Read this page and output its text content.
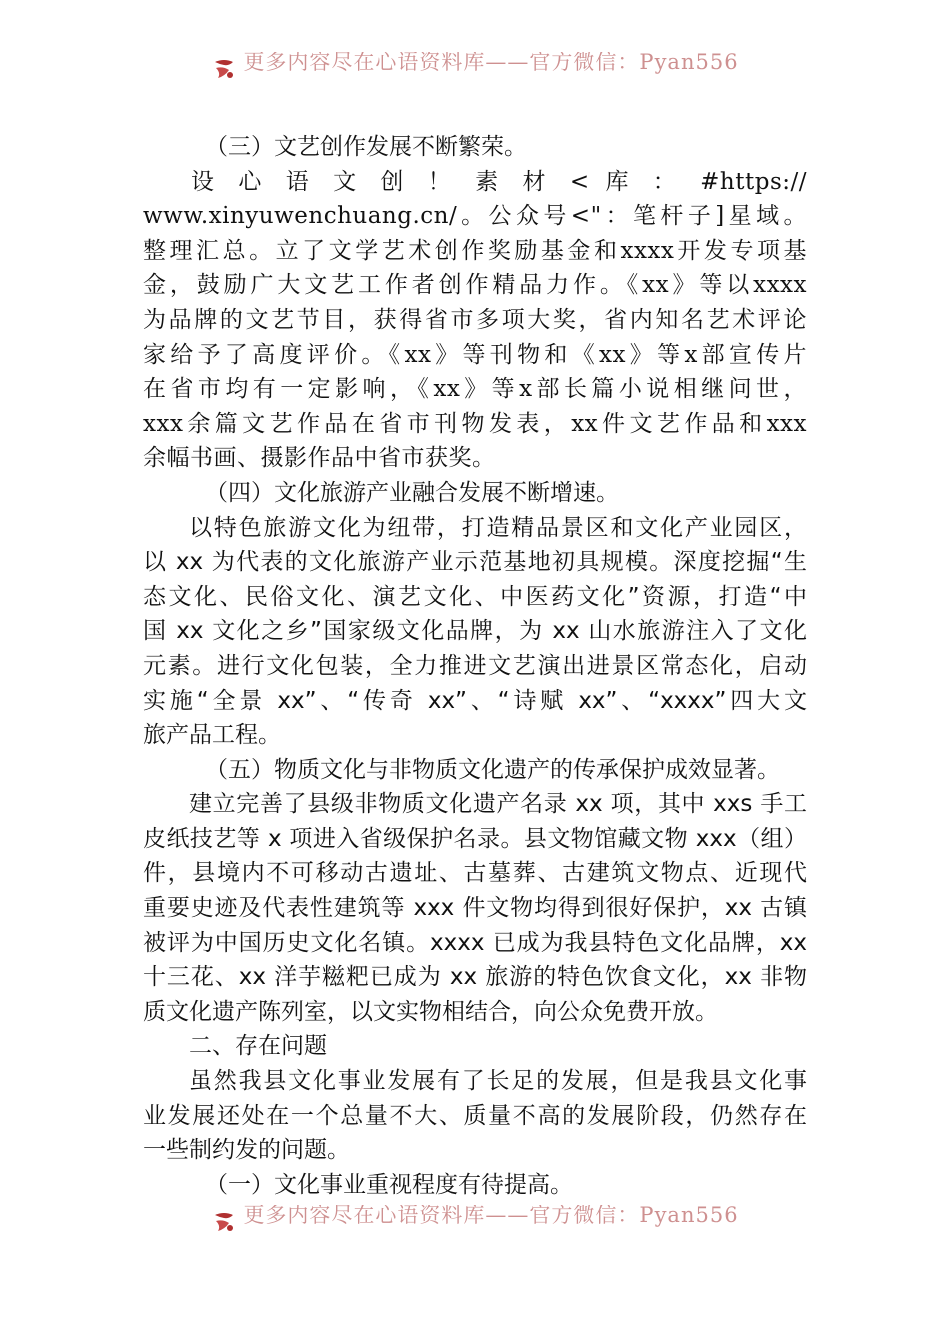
更多内容尽在心语资料库——官方微信：Pyan556
（三）文艺创作发展不断繁荣。
设 心 语 文 创 ！ 素 材 < 库 ： #https://
www.xinyuwenchuang.cn/。公众号<"：笔杆子]星域。
整理汇总。立了文学艺术创作奖励基金和xxxx开发专项基
金，鼓励广大文艺工作者创作精品力作。《xx》等以xxxx
为品牌的文艺节目，获得省市多项大奖，省内知名艺术评论
家给予了高度评价。《xx》等刊物和《xx》等x部宣传片
在省市均有一定影响，《xx》等x部长篇小说相继问世，
xxx余篇文艺作品在省市刊物发表，xx件文艺作品和xxx
余幅书画、摄影作品中省市获奖。
（四）文化旅游产业融合发展不断增速。
以特色旅游文化为纽带，打造精品景区和文化产业园区，
以 xx 为代表的文化旅游产业示范基地初具规模。深度挖掘“生
态文化、民俗文化、演艺文化、中医药文化”资源，打造“中
国 xx 文化之乡”国家级文化品牌，为 xx 山水旅游注入了文化
元素。进行文化包装，全力推进文艺演出进景区常态化，启动
实施“全景 xx”、“传奇 xx”、“诗赋 xx”、“xxxx”四大文
旅产品工程。
（五）物质文化与非物质文化遗产的传承保护成效显著。
建立完善了县级非物质文化遗产名录 xx 项，其中 xxs 手工
皮纸技艺等 x 项进入省级保护名录。县文物馆藏文物 xxx（组）
件，县境内不可移动古遗址、古墓葬、古建筑文物点、近现代
重要史迹及代表性建筑等 xxx 件文物均得到很好保护，xx 古镇
被评为中国历史文化名镇。xxxx 已成为我县特色文化品牌，xx
十三花、xx 洋芋糍粑已成为 xx 旅游的特色饮食文化，xx 非物
质文化遗产陈列室，以文实物相结合，向公众免费开放。
二、存在问题
虽然我县文化事业发展有了长足的发展，但是我县文化事
业发展还处在一个总量不大、质量不高的发展阶段，仍然存在
一些制约发的问题。
（一）文化事业重视程度有待提高。
更多内容尽在心语资料库——官方微信：Pyan556
